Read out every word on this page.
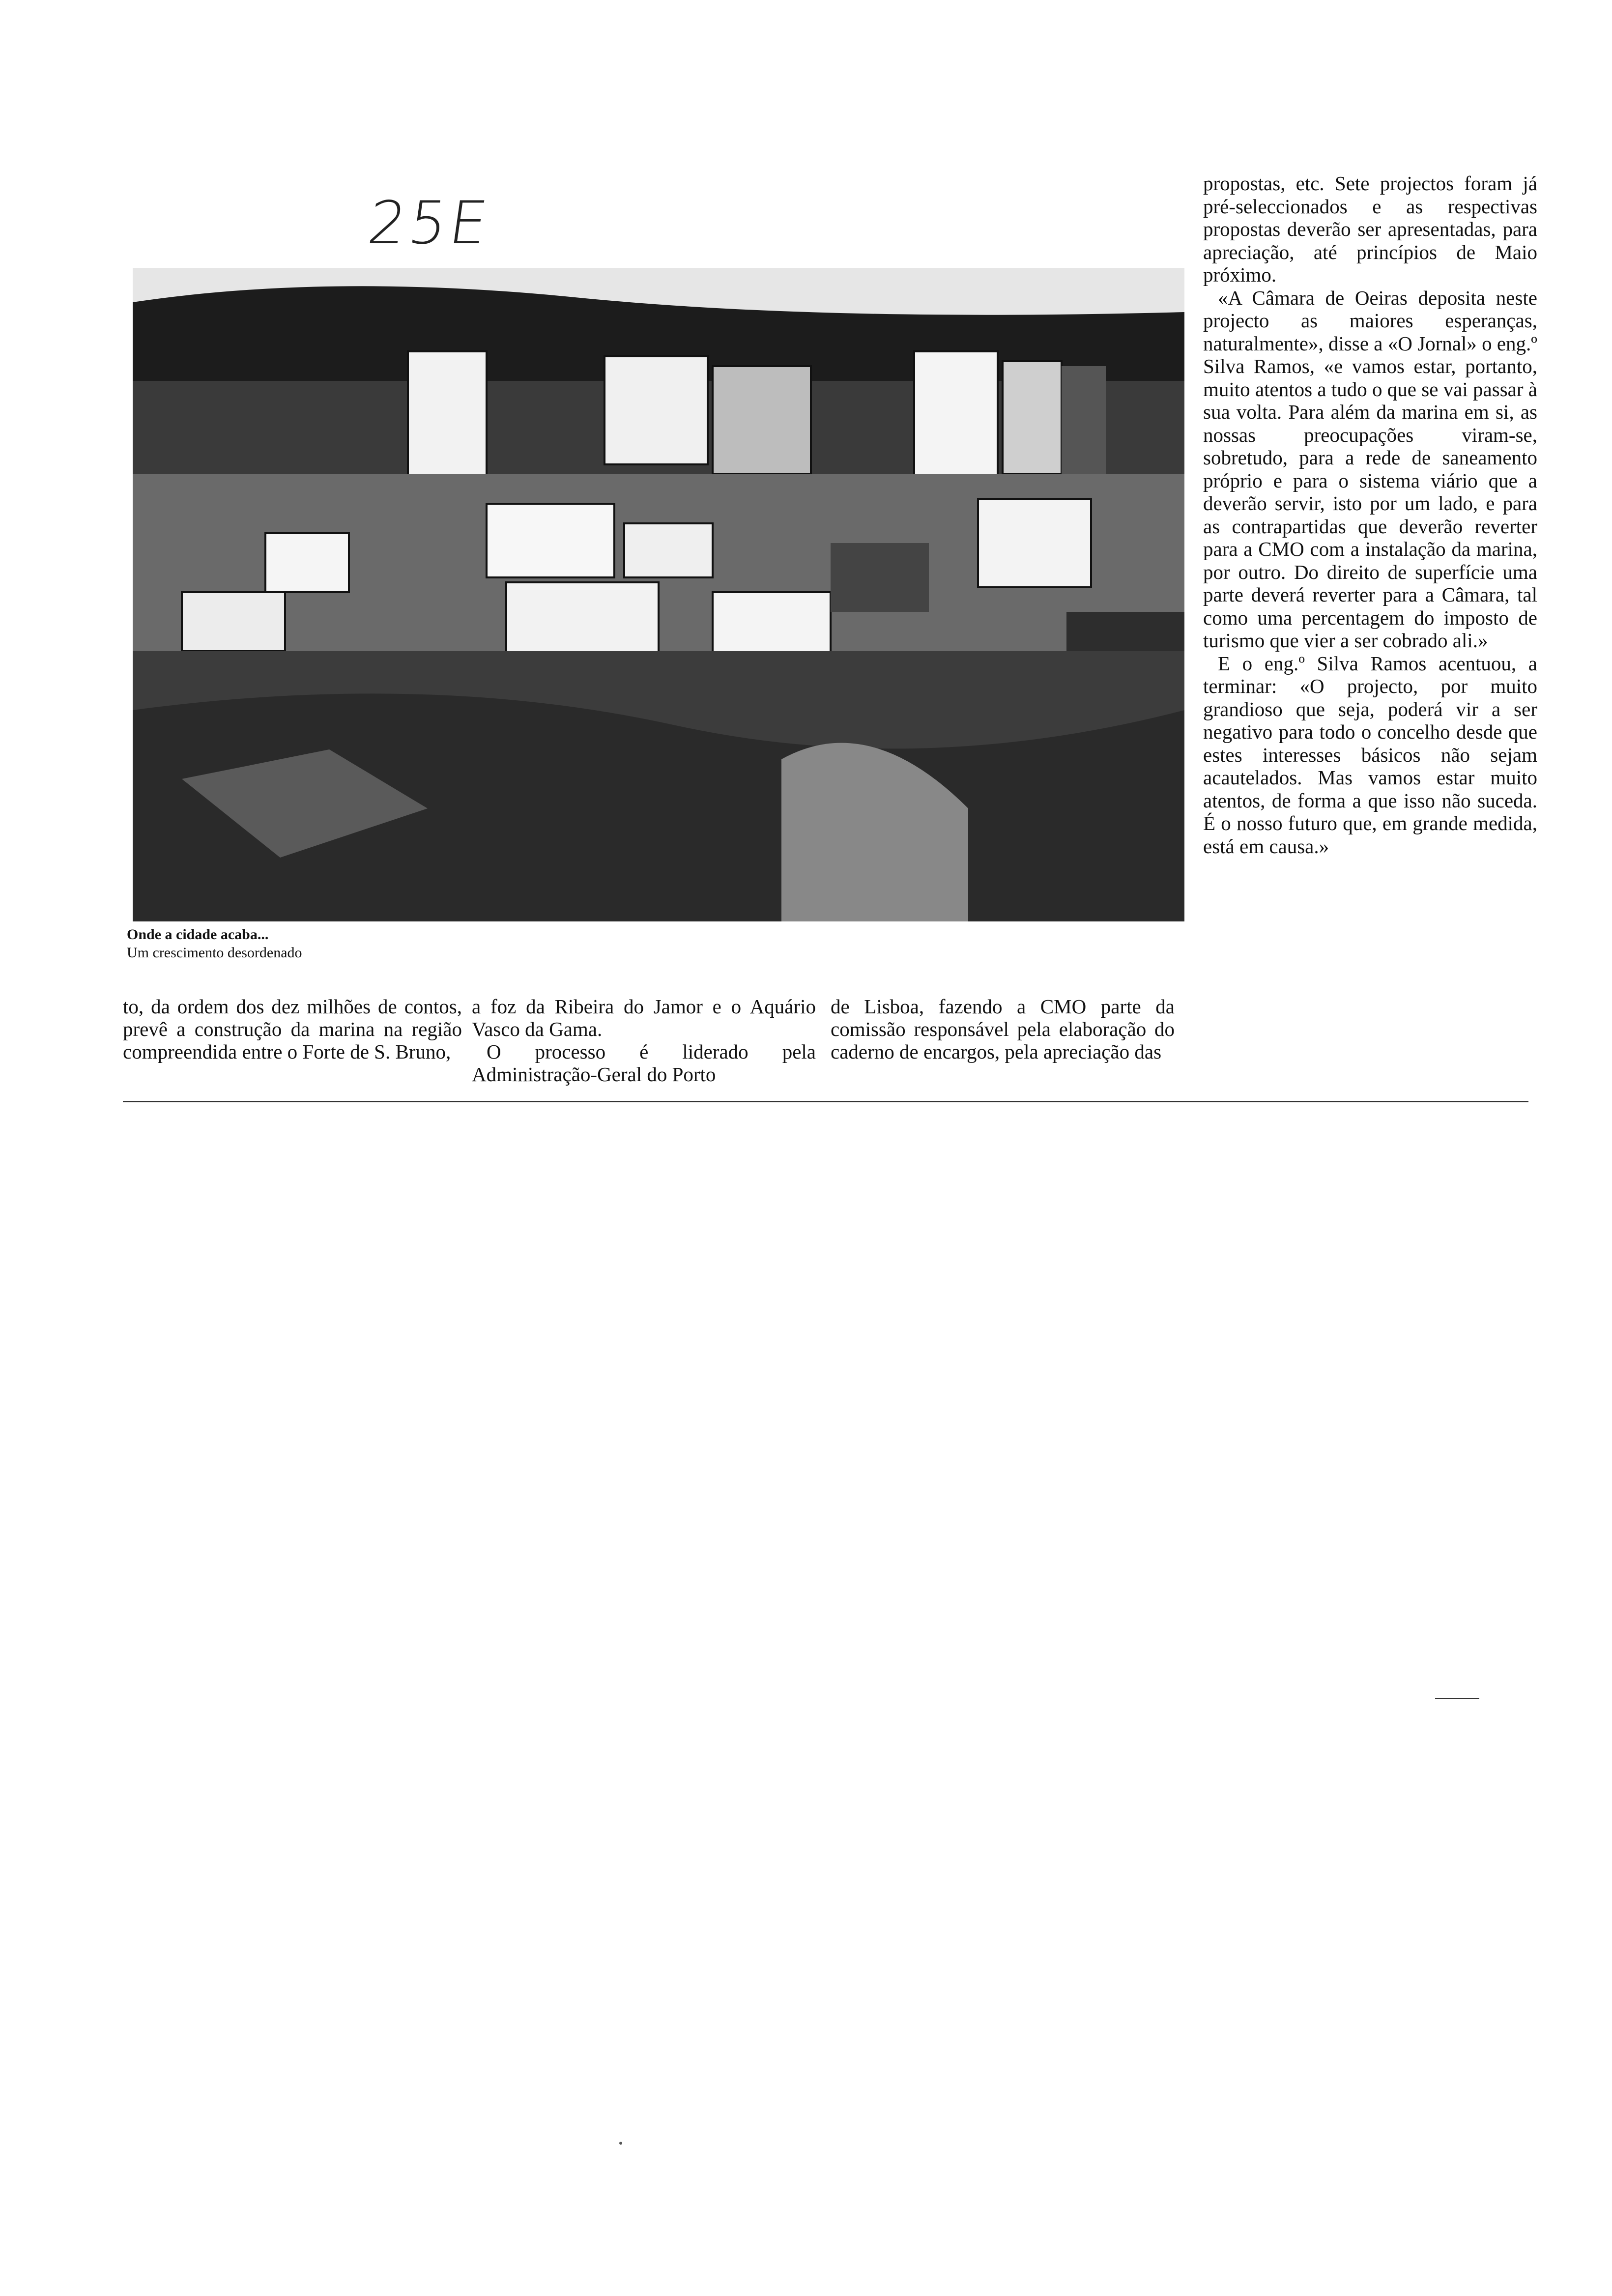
25E
Onde a cidade acaba...
Um crescimento desordenado

propostas, etc. Sete projectos foram já pré-seleccionados e as respectivas propostas deverão ser apresentadas, para apreciação, até princípios de Maio próximo.

«A Câmara de Oeiras deposita neste projecto as maiores esperanças, naturalmente», disse a «O Jornal» o eng.º Silva Ramos, «e vamos estar, portanto, muito atentos a tudo o que se vai passar à sua volta. Para além da marina em si, as nossas preocupações viram-se, sobretudo, para a rede de saneamento próprio e para o sistema viário que a deverão servir, isto por um lado, e para as contrapartidas que deverão reverter para a CMO com a instalação da marina, por outro. Do direito de superfície uma parte deverá reverter para a Câmara, tal como uma percentagem do imposto de turismo que vier a ser cobrado ali.»

E o eng.º Silva Ramos acentuou, a terminar: «O projecto, por muito grandioso que seja, poderá vir a ser negativo para todo o concelho desde que estes interesses básicos não sejam acautelados. Mas vamos estar muito atentos, de forma a que isso não suceda. É o nosso futuro que, em grande medida, está em causa.»

to, da ordem dos dez milhões de contos, prevê a construção da marina na região compreendida entre o Forte de S. Bruno,

a foz da Ribeira do Jamor e o Aquário Vasco da Gama.

O processo é liderado pela Administração-Geral do Porto

de Lisboa, fazendo a CMO parte da comissão responsável pela elaboração do caderno de encargos, pela apreciação das
